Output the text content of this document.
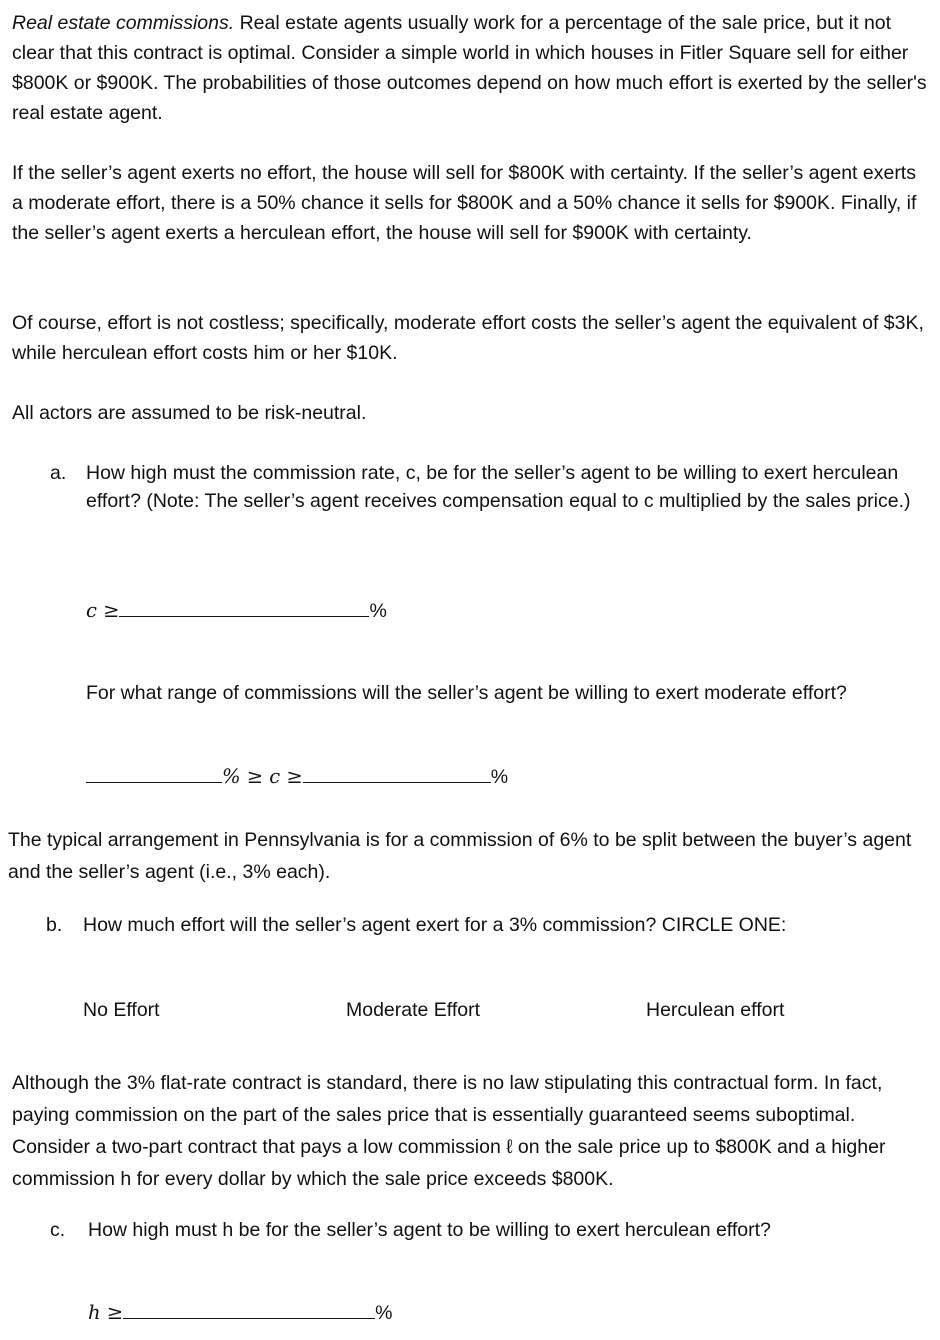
Real estate commissions. Real estate agents usually work for a percentage of the sale price, but it not clear that this contract is optimal. Consider a simple world in which houses in Fitler Square sell for either $800K or $900K. The probabilities of those outcomes depend on how much effort is exerted by the seller's real estate agent.

If the seller’s agent exerts no effort, the house will sell for $800K with certainty. If the seller’s agent exerts a moderate effort, there is a 50% chance it sells for $800K and a 50% chance it sells for $900K. Finally, if the seller’s agent exerts a herculean effort, the house will sell for $900K with certainty.

Of course, effort is not costless; specifically, moderate effort costs the seller’s agent the equivalent of $3K, while herculean effort costs him or her $10K.

All actors are assumed to be risk-neutral.

a. How high must the commission rate, c, be for the seller’s agent to be willing to exert herculean effort? (Note: The seller’s agent receives compensation equal to c multiplied by the sales price.)

c ≥	%

For what range of commissions will the seller’s agent be willing to exert moderate effort?

% ≥ c ≥	%

The typical arrangement in Pennsylvania is for a commission of 6% to be split between the buyer’s agent and the seller’s agent (i.e., 3% each).

b. How much effort will the seller’s agent exert for a 3% commission? CIRCLE ONE:

No Effort	Moderate Effort	Herculean effort

Although the 3% flat-rate contract is standard, there is no law stipulating this contractual form. In fact, paying commission on the part of the sales price that is essentially guaranteed seems suboptimal. Consider a two-part contract that pays a low commission ℓ on the sale price up to $800K and a higher commission h for every dollar by which the sale price exceeds $800K.

c. How high must h be for the seller’s agent to be willing to exert herculean effort?

h ≥	%
